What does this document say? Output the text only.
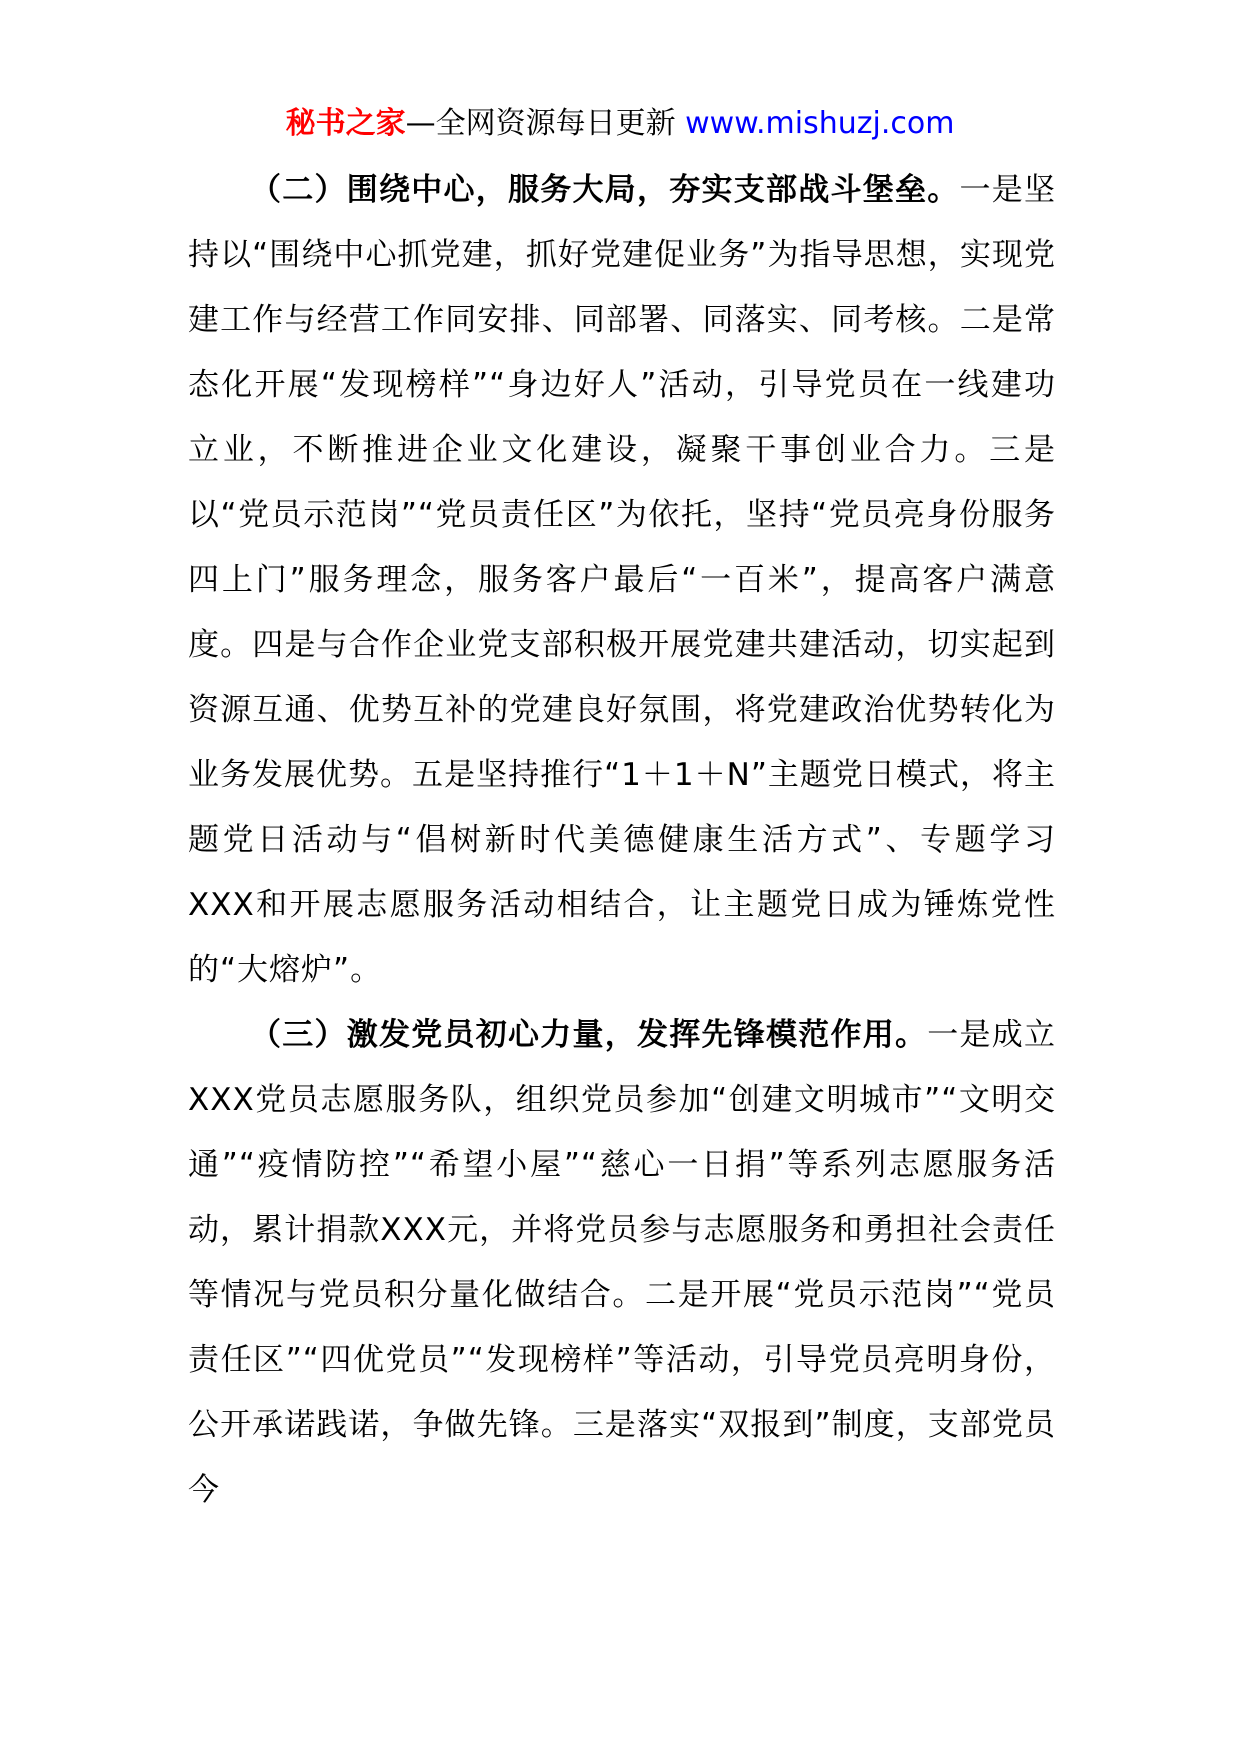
秘书之家—全网资源每日更新 www.mishuzj.com

（二）围绕中心，服务大局，夯实支部战斗堡垒。一是坚持以“围绕中心抓党建，抓好党建促业务”为指导思想，实现党建工作与经营工作同安排、同部署、同落实、同考核。二是常态化开展“发现榜样”“身边好人”活动，引导党员在一线建功立业，不断推进企业文化建设，凝聚干事创业合力。三是以“党员示范岗”“党员责任区”为依托，坚持“党员亮身份服务四上门”服务理念，服务客户最后“一百米”，提高客户满意度。四是与合作企业党支部积极开展党建共建活动，切实起到资源互通、优势互补的党建良好氛围，将党建政治优势转化为业务发展优势。五是坚持推行“1＋1＋N”主题党日模式，将主题党日活动与“倡树新时代美德健康生活方式”、专题学习XXX和开展志愿服务活动相结合，让主题党日成为锤炼党性的“大熔炉”。

（三）激发党员初心力量，发挥先锋模范作用。一是成立XXX党员志愿服务队，组织党员参加“创建文明城市”“文明交通”“疫情防控”“希望小屋”“慈心一日捐”等系列志愿服务活动，累计捐款XXX元，并将党员参与志愿服务和勇担社会责任等情况与党员积分量化做结合。二是开展“党员示范岗”“党员责任区”“四优党员”“发现榜样”等活动，引导党员亮明身份，公开承诺践诺，争做先锋。三是落实“双报到”制度，支部党员今
